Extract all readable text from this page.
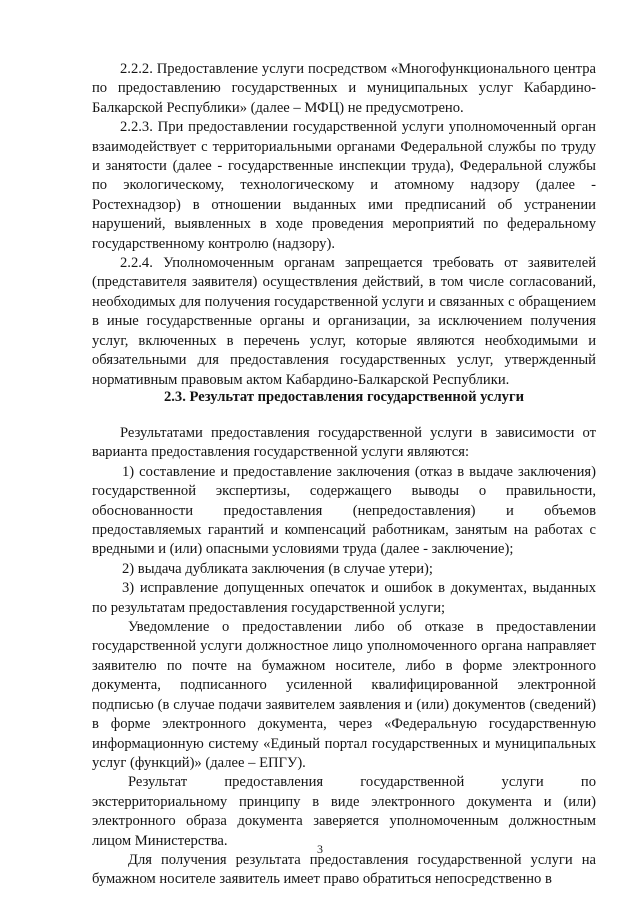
2.2.2. Предоставление услуги посредством «Многофункционального центра по предоставлению государственных и муниципальных услуг Кабардино-Балкарской Республики» (далее – МФЦ) не предусмотрено.

2.2.3. При предоставлении государственной услуги уполномоченный орган взаимодействует с территориальными органами Федеральной службы по труду и занятости (далее - государственные инспекции труда), Федеральной службы по экологическому, технологическому и атомному надзору (далее - Ростехнадзор) в отношении выданных ими предписаний об устранении нарушений, выявленных в ходе проведения мероприятий по федеральному государственному контролю (надзору).

2.2.4. Уполномоченным органам запрещается требовать от заявителей (представителя заявителя) осуществления действий, в том числе согласований, необходимых для получения государственной услуги и связанных с обращением в иные государственные органы и организации, за исключением получения услуг, включенных в перечень услуг, которые являются необходимыми и обязательными для предоставления государственных услуг, утвержденный нормативным правовым актом Кабардино-Балкарской Республики.

2.3. Результат предоставления государственной услуги

Результатами предоставления государственной услуги в зависимости от варианта предоставления государственной услуги являются:

1) составление и предоставление заключения (отказ в выдаче заключения) государственной экспертизы, содержащего выводы о правильности, обоснованности предоставления (непредоставления) и объемов предоставляемых гарантий и компенсаций работникам, занятым на работах с вредными и (или) опасными условиями труда (далее - заключение);

2) выдача дубликата заключения (в случае утери);

3) исправление допущенных опечаток и ошибок в документах, выданных по результатам предоставления государственной услуги;

Уведомление о предоставлении либо об отказе в предоставлении государственной услуги должностное лицо уполномоченного органа направляет заявителю по почте на бумажном носителе, либо в форме электронного документа, подписанного усиленной квалифицированной электронной подписью (в случае подачи заявителем заявления и (или) документов (сведений) в форме электронного документа, через «Федеральную государственную информационную систему «Единый портал государственных и муниципальных услуг (функций)» (далее – ЕПГУ).

Результат предоставления государственной услуги по экстерриториальному принципу в виде электронного документа и (или) электронного образа документа заверяется уполномоченным должностным лицом Министерства.

Для получения результата предоставления государственной услуги на бумажном носителе заявитель имеет право обратиться непосредственно в

3
